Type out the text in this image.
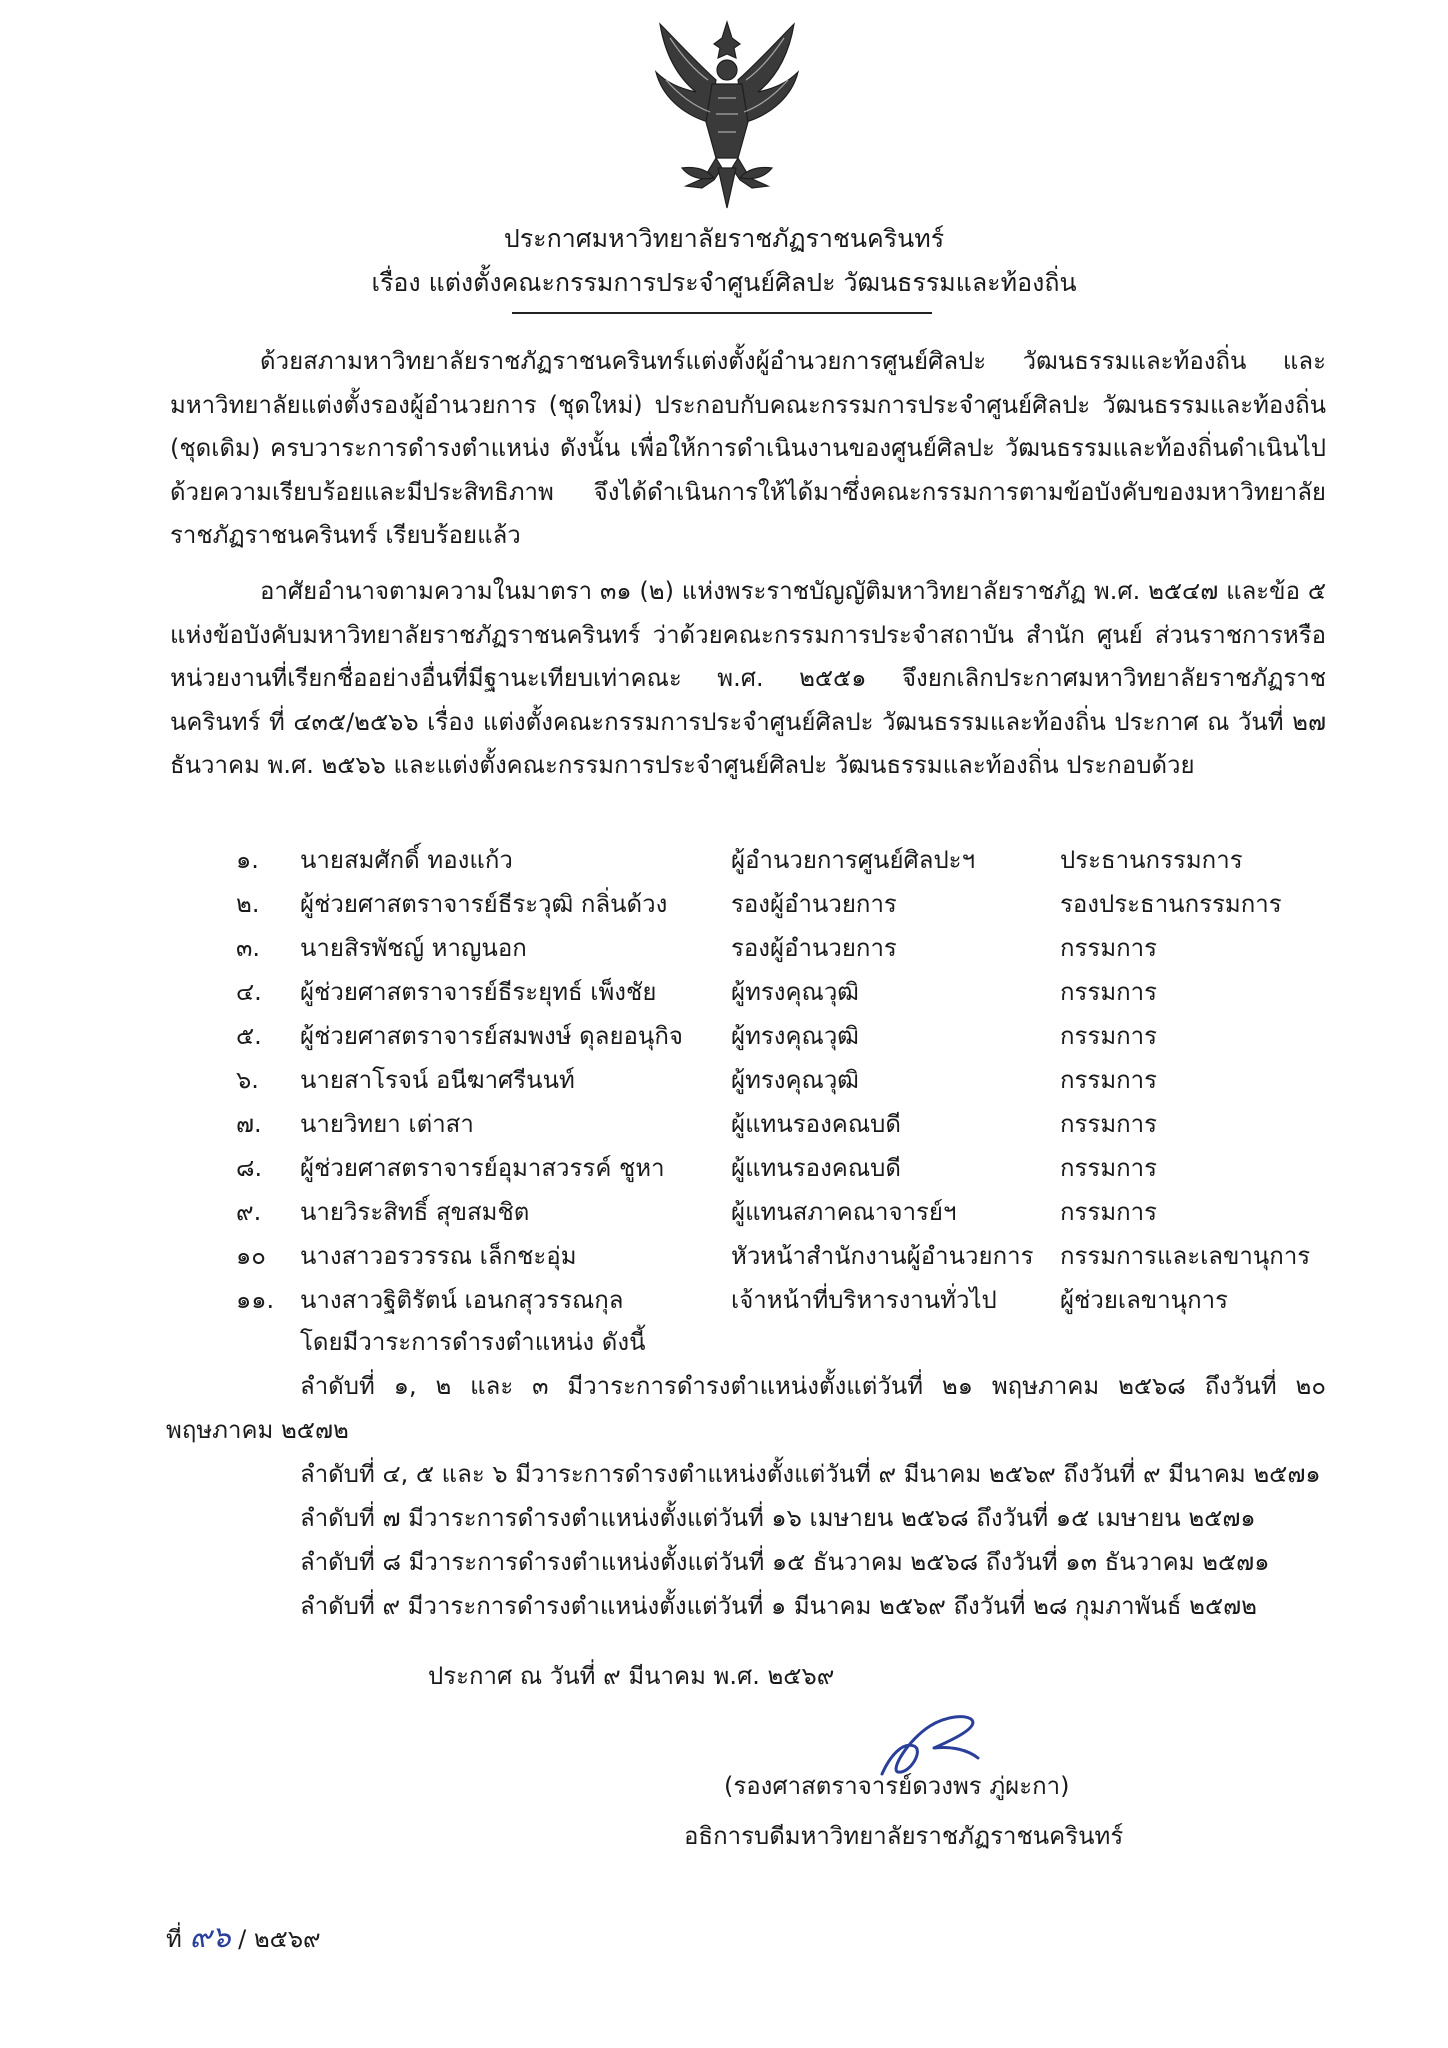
ประกาศมหาวิทยาลัยราชภัฏราชนครินทร์
เรื่อง แต่งตั้งคณะกรรมการประจำศูนย์ศิลปะ วัฒนธรรมและท้องถิ่น
ด้วยสภามหาวิทยาลัยราชภัฏราชนครินทร์แต่งตั้งผู้อำนวยการศูนย์ศิลปะ วัฒนธรรมและท้องถิ่น และมหาวิทยาลัยแต่งตั้งรองผู้อำนวยการ (ชุดใหม่) ประกอบกับคณะกรรมการประจำศูนย์ศิลปะ วัฒนธรรมและท้องถิ่น (ชุดเดิม) ครบวาระการดำรงตำแหน่ง ดังนั้น เพื่อให้การดำเนินงานของศูนย์ศิลปะ วัฒนธรรมและท้องถิ่นดำเนินไปด้วยความเรียบร้อยและมีประสิทธิภาพ จึงได้ดำเนินการให้ได้มาซึ่งคณะกรรมการตามข้อบังคับของมหาวิทยาลัยราชภัฏราชนครินทร์ เรียบร้อยแล้ว
อาศัยอำนาจตามความในมาตรา ๓๑ (๒) แห่งพระราชบัญญัติมหาวิทยาลัยราชภัฏ พ.ศ. ๒๕๔๗ และข้อ ๕ แห่งข้อบังคับมหาวิทยาลัยราชภัฏราชนครินทร์ ว่าด้วยคณะกรรมการประจำสถาบัน สำนัก ศูนย์ ส่วนราชการหรือหน่วยงานที่เรียกชื่ออย่างอื่นที่มีฐานะเทียบเท่าคณะ พ.ศ. ๒๕๕๑ จึงยกเลิกประกาศมหาวิทยาลัยราชภัฏราชนครินทร์ ที่ ๔๓๕/๒๕๖๖ เรื่อง แต่งตั้งคณะกรรมการประจำศูนย์ศิลปะ วัฒนธรรมและท้องถิ่น ประกาศ ณ วันที่ ๒๗ ธันวาคม พ.ศ. ๒๕๖๖ และแต่งตั้งคณะกรรมการประจำศูนย์ศิลปะ วัฒนธรรมและท้องถิ่น ประกอบด้วย
๑. นายสมศักดิ์ ทองแก้ว	ผู้อำนวยการศูนย์ศิลปะฯ	ประธานกรรมการ
๒. ผู้ช่วยศาสตราจารย์ธีระวุฒิ กลิ่นด้วง	รองผู้อำนวยการ	รองประธานกรรมการ
๓. นายสิรพัชญ์ หาญนอก	รองผู้อำนวยการ	กรรมการ
๔. ผู้ช่วยศาสตราจารย์ธีระยุทธ์ เพ็งชัย	ผู้ทรงคุณวุฒิ	กรรมการ
๕. ผู้ช่วยศาสตราจารย์สมพงษ์ ดุลยอนุกิจ ผู้ทรงคุณวุฒิ	กรรมการ
๖. นายสาโรจน์ อนีฆาศรีนนท์	ผู้ทรงคุณวุฒิ	กรรมการ
๗. นายวิทยา เต่าสา	ผู้แทนรองคณบดี	กรรมการ
๘. ผู้ช่วยศาสตราจารย์อุมาสวรรค์ ชูหา	ผู้แทนรองคณบดี	กรรมการ
๙. นายวิระสิทธิ์ สุขสมชิต	ผู้แทนสภาคณาจารย์ฯ	กรรมการ
๑๐ นางสาวอรวรรณ เล็กชะอุ่ม	หัวหน้าสำนักงานผู้อำนวยการ กรรมการและเลขานุการ
๑๑. นางสาวฐิติรัตน์ เอนกสุวรรณกุล	เจ้าหน้าที่บริหารงานทั่วไป	ผู้ช่วยเลขานุการ
โดยมีวาระการดำรงตำแหน่ง ดังนี้
ลำดับที่ ๑, ๒ และ ๓ มีวาระการดำรงตำแหน่งตั้งแต่วันที่ ๒๑ พฤษภาคม ๒๕๖๘ ถึงวันที่ ๒๐
พฤษภาคม ๒๕๗๒
ลำดับที่ ๔, ๕ และ ๖ มีวาระการดำรงตำแหน่งตั้งแต่วันที่ ๙ มีนาคม ๒๕๖๙ ถึงวันที่ ๙ มีนาคม ๒๕๗๑
ลำดับที่ ๗ มีวาระการดำรงตำแหน่งตั้งแต่วันที่ ๑๖ เมษายน ๒๕๖๘ ถึงวันที่ ๑๕ เมษายน ๒๕๗๑
ลำดับที่ ๘ มีวาระการดำรงตำแหน่งตั้งแต่วันที่ ๑๕ ธันวาคม ๒๕๖๘ ถึงวันที่ ๑๓ ธันวาคม ๒๕๗๑
ลำดับที่ ๙ มีวาระการดำรงตำแหน่งตั้งแต่วันที่ ๑ มีนาคม ๒๕๖๙ ถึงวันที่ ๒๘ กุมภาพันธ์ ๒๕๗๒
ประกาศ ณ วันที่ ๙ มีนาคม พ.ศ. ๒๕๖๙
(รองศาสตราจารย์ดวงพร ภู่ผะกา)
อธิการบดีมหาวิทยาลัยราชภัฏราชนครินทร์
ที่ ๙๖ / ๒๕๖๙
